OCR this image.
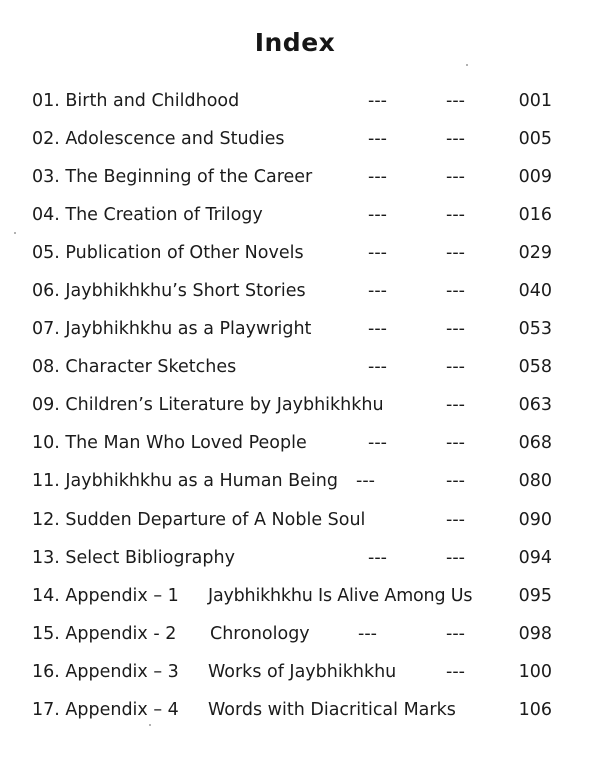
Index
01. Birth and Childhood	---	---	001
02. Adolescence and Studies	---	---	005
03. The Beginning of the Career	---	---	009
04. The Creation of Trilogy	---	---	016
05. Publication of Other Novels	---	---	029
06. Jaybhikhkhu’s Short Stories	---	---	040
07. Jaybhikhkhu as a Playwright	---	---	053
08. Character Sketches	---	---	058
09. Children’s Literature by Jaybhikhkhu	---	063
10. The Man Who Loved People	---	---	068
11. Jaybhikhkhu as a Human Being ---	---	080
12. Sudden Departure of A Noble Soul	---	090
13. Select Bibliography	---	---	094
14. Appendix – 1 Jaybhikhkhu Is Alive Among Us	095
15. Appendix - 2 Chronology	---	---	098
16. Appendix – 3 Works of Jaybhikhkhu	---	100
17. Appendix – 4 Words with Diacritical Marks	106
